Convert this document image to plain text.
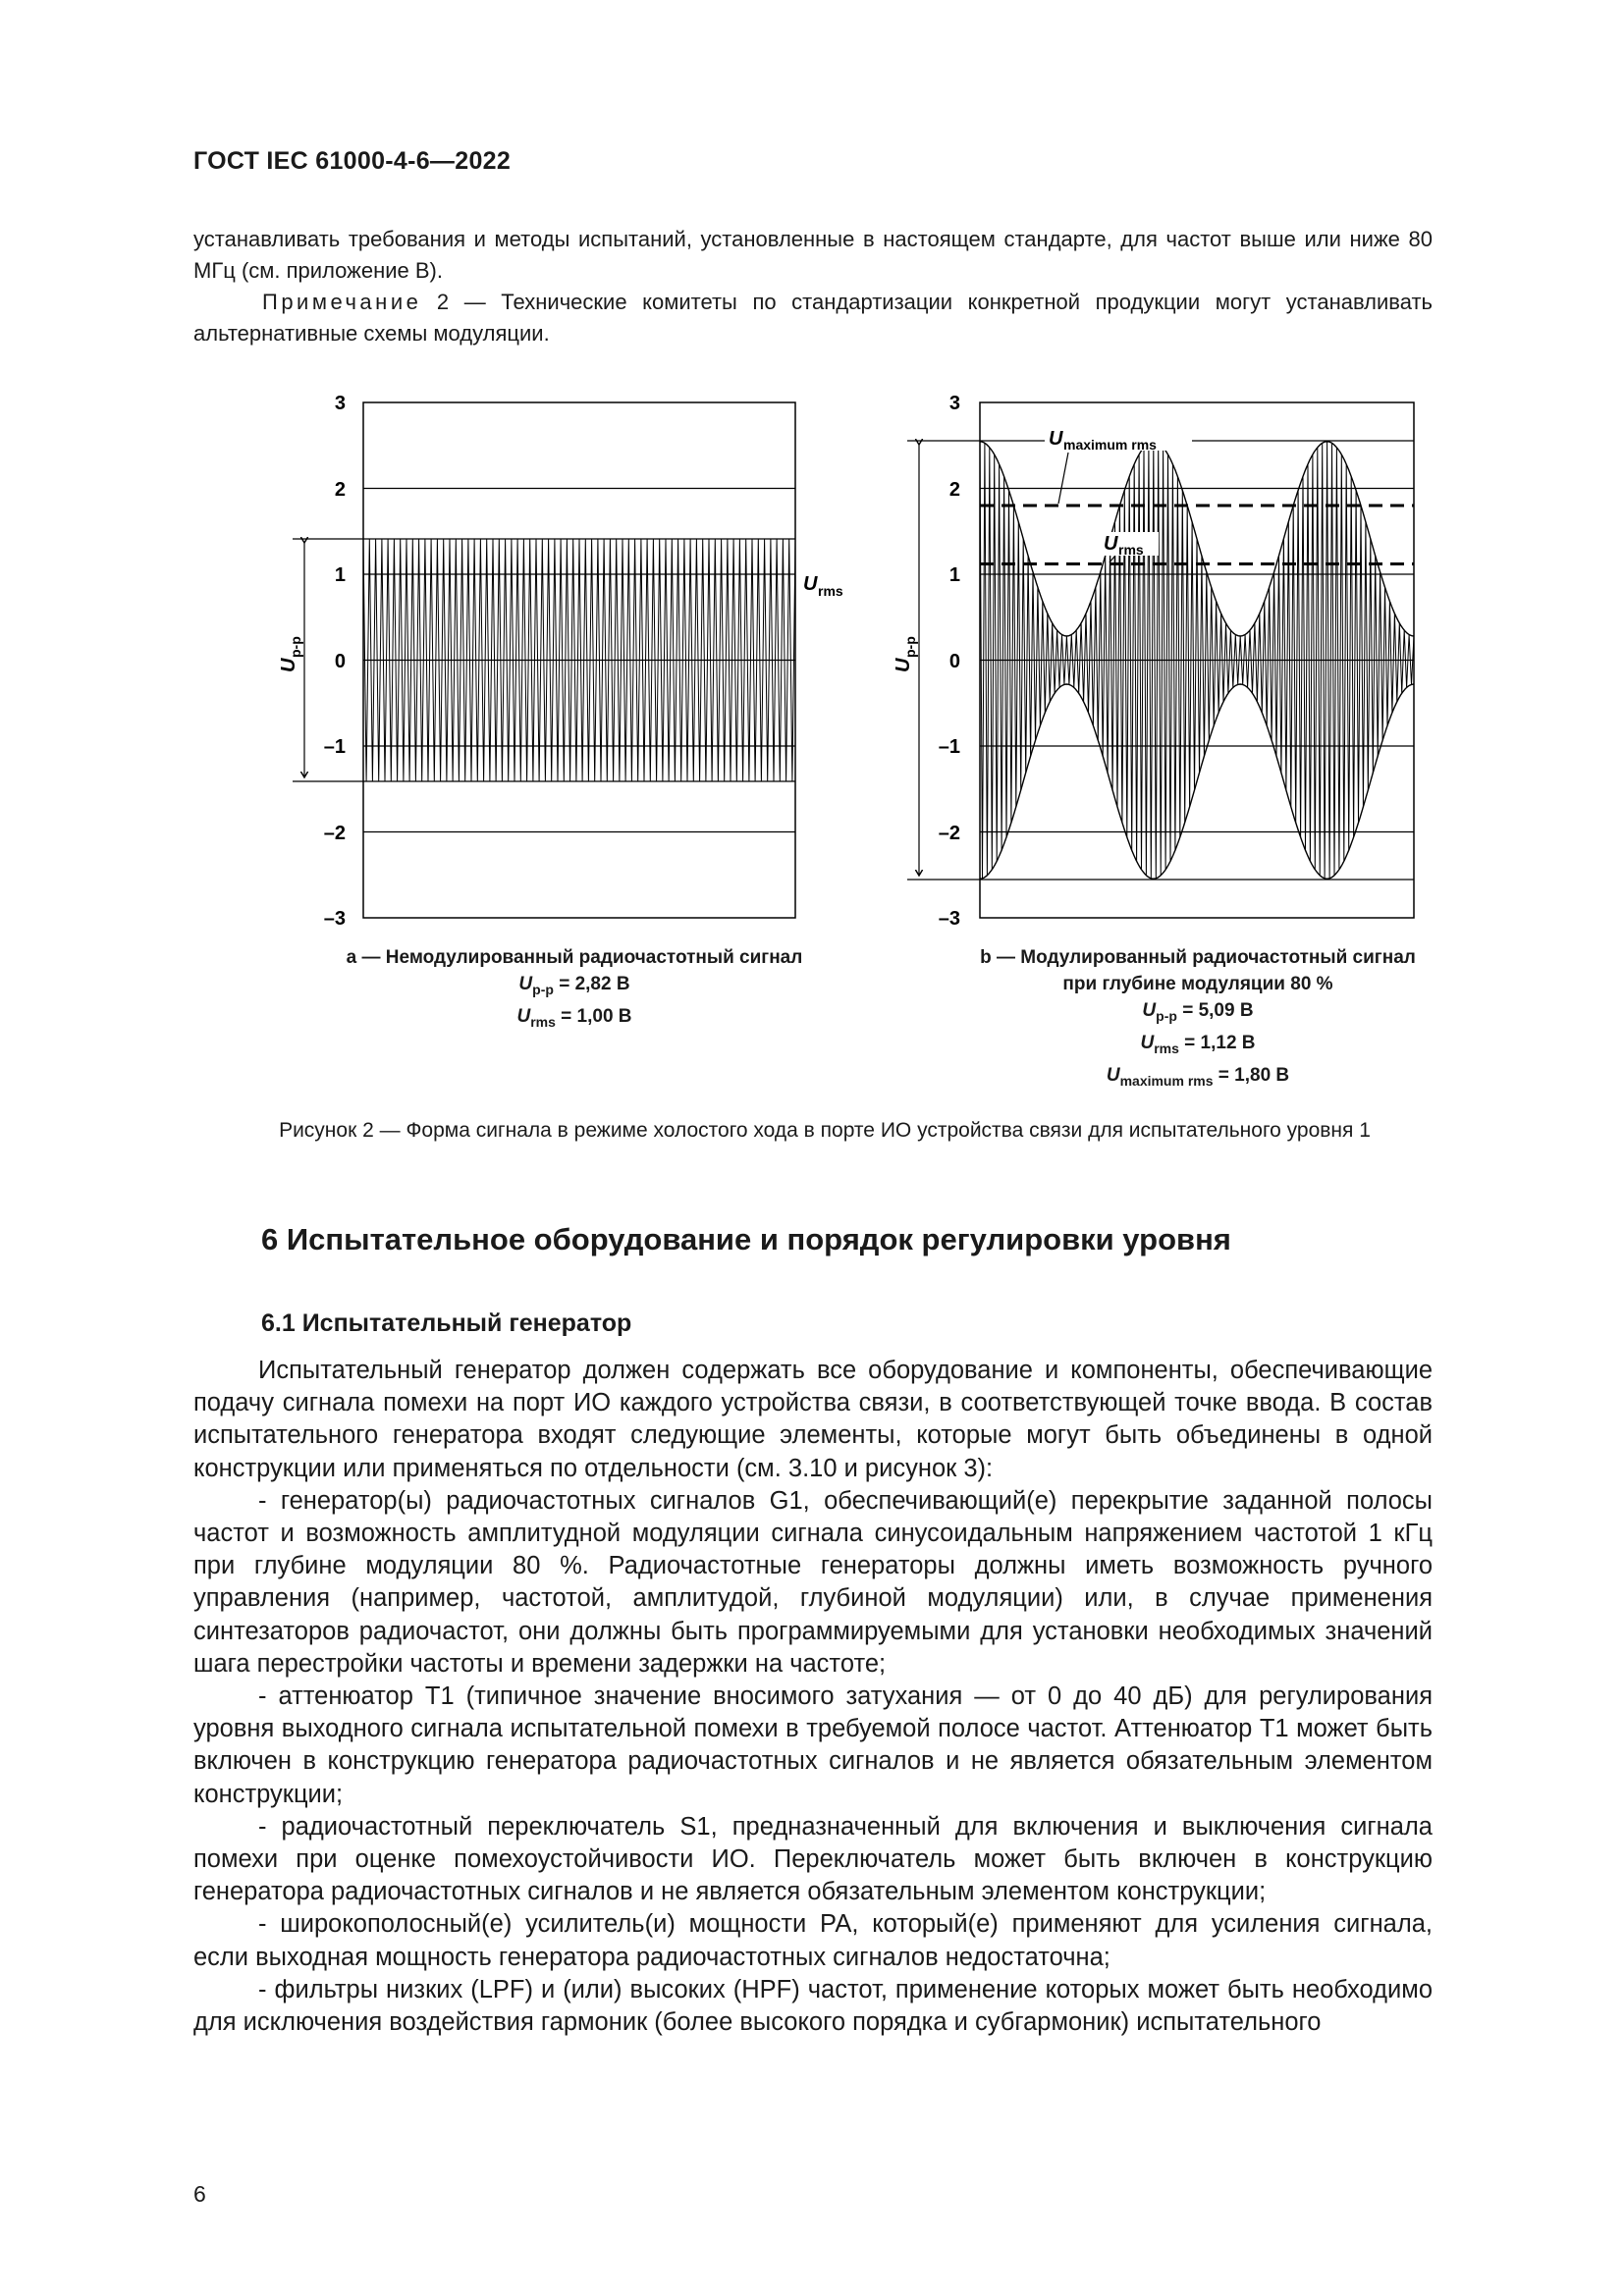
ГОСТ IEC 61000-4-6—2022
устанавливать требования и методы испытаний, установленные в настоящем стандарте, для частот выше или ниже 80 МГц (см. приложение В).
Примечание 2 — Технические комитеты по стандартизации конкретной продукции могут устанавливать альтернативные схемы модуляции.
3
2
1
0
–1
–2
–3
U
p-p
U rms
U maximum rms
U rms
3
2
1
0
–1
–2
–3
U
p-p
a — Немодулированный радиочастотный сигнал
$U_{p-p} = 2,82$ В
$U_{rms} = 1,00$ В
b — Модулированный радиочастотный сигнал
при глубине модуляции 80 %
$U_{p-p} = 5,09$ В
$U_{rms} = 1,12$ В
$U_{maximum rms} = 1,80$ В
Рисунок 2 — Форма сигнала в режиме холостого хода в порте ИО устройства связи для испытательного уровня 1
6 Испытательное оборудование и порядок регулировки уровня
6.1 Испытательный генератор
Испытательный генератор должен содержать все оборудование и компоненты, обеспечивающие подачу сигнала помехи на порт ИО каждого устройства связи, в соответствующей точке ввода. В состав испытательного генератора входят следующие элементы, которые могут быть объединены в одной конструкции или применяться по отдельности (см. 3.10 и рисунок 3):
- генератор(ы) радиочастотных сигналов G1, обеспечивающий(е) перекрытие заданной полосы частот и возможность амплитудной модуляции сигнала синусоидальным напряжением частотой 1 кГц при глубине модуляции 80 %. Радиочастотные генераторы должны иметь возможность ручного управления (например, частотой, амплитудой, глубиной модуляции) или, в случае применения синтезаторов радиочастот, они должны быть программируемыми для установки необходимых значений шага перестройки частоты и времени задержки на частоте;
- аттенюатор Т1 (типичное значение вносимого затухания — от 0 до 40 дБ) для регулирования уровня выходного сигнала испытательной помехи в требуемой полосе частот. Аттенюатор Т1 может быть включен в конструкцию генератора радиочастотных сигналов и не является обязательным элементом конструкции;
- радиочастотный переключатель S1, предназначенный для включения и выключения сигнала помехи при оценке помехоустойчивости ИО. Переключатель может быть включен в конструкцию генератора радиочастотных сигналов и не является обязательным элементом конструкции;
- широкополосный(е) усилитель(и) мощности РА, который(е) применяют для усиления сигнала, если выходная мощность генератора радиочастотных сигналов недостаточна;
- фильтры низких (LPF) и (или) высоких (HPF) частот, применение которых может быть необходимо для исключения воздействия гармоник (более высокого порядка и субгармоник) испытательного
6
